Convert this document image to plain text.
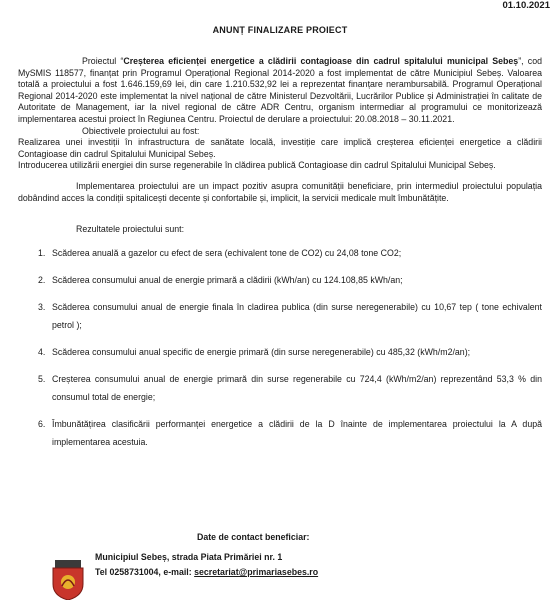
01.10.2021
ANUNȚ FINALIZARE PROIECT

Proiectul “Creșterea eficienței energetice a clădirii contagioase din cadrul spitalului municipal Sebeș”, cod MySMIS 118577, finanțat prin Programul Operațional Regional 2014-2020 a fost implementat de către Municipiul Sebeș. Valoarea totală a proiectului a fost 1.646.159,69 lei, din care 1.210.532,92 lei a reprezentat finanțare nerambursabilă. Programul Operațional Regional 2014-2020 este implementat la nivel național de către Ministerul Dezvoltării, Lucrărilor Publice și Administrației în calitate de Autoritate de Management, iar la nivel regional de către ADR Centru, organism intermediar al programului ce monitorizează implementarea acestui proiect în Regiunea Centru. Proiectul de derulare a proiectului: 20.08.2018 – 30.11.2021.

Obiectivele proiectului au fost:

Realizarea unei investiții în infrastructura de sanătate locală, investiție care implică creșterea eficienței energetice a clădirii Contagioase din cadrul Spitalului Municipal Sebeș.

Introducerea utilizării energiei din surse regenerabile în clădirea publică Contagioase din cadrul Spitalului Municipal Sebeș.

Implementarea proiectului are un impact pozitiv asupra comunității beneficiare, prin intermediul proiectului populația dobândind acces la condiții spitalicești decente și confortabile și, implicit, la servicii medicale mult îmbunătățite.

Rezultatele proiectului sunt:

1. Scăderea anuală a gazelor cu efect de sera (echivalent tone de CO2) cu 24,08 tone CO2;
2. Scăderea consumului anual de energie primară a clădirii (kWh/an) cu 124.108,85 kWh/an;
3. Scăderea consumului anual de energie finala în cladirea publica (din surse neregenerabile) cu 10,67 tep ( tone echivalent petrol );
4. Scăderea consumului anual specific de energie primară (din surse neregenerabile) cu 485,32 (kWh/m2/an);
5. Creșterea consumului anual de energie primară din surse regenerabile cu 724,4 (kWh/m2/an) reprezentând 53,3 % din consumul total de energie;
6. Îmbunătățirea clasificării performanței energetice a clădirii de la D înainte de implementarea proiectului la A după implementarea acestuia.
Date de contact beneficiar:
Municipiul Sebeș, strada Piata Primăriei nr. 1
Tel 0258731004, e-mail: secretariat@primariasebes.ro
